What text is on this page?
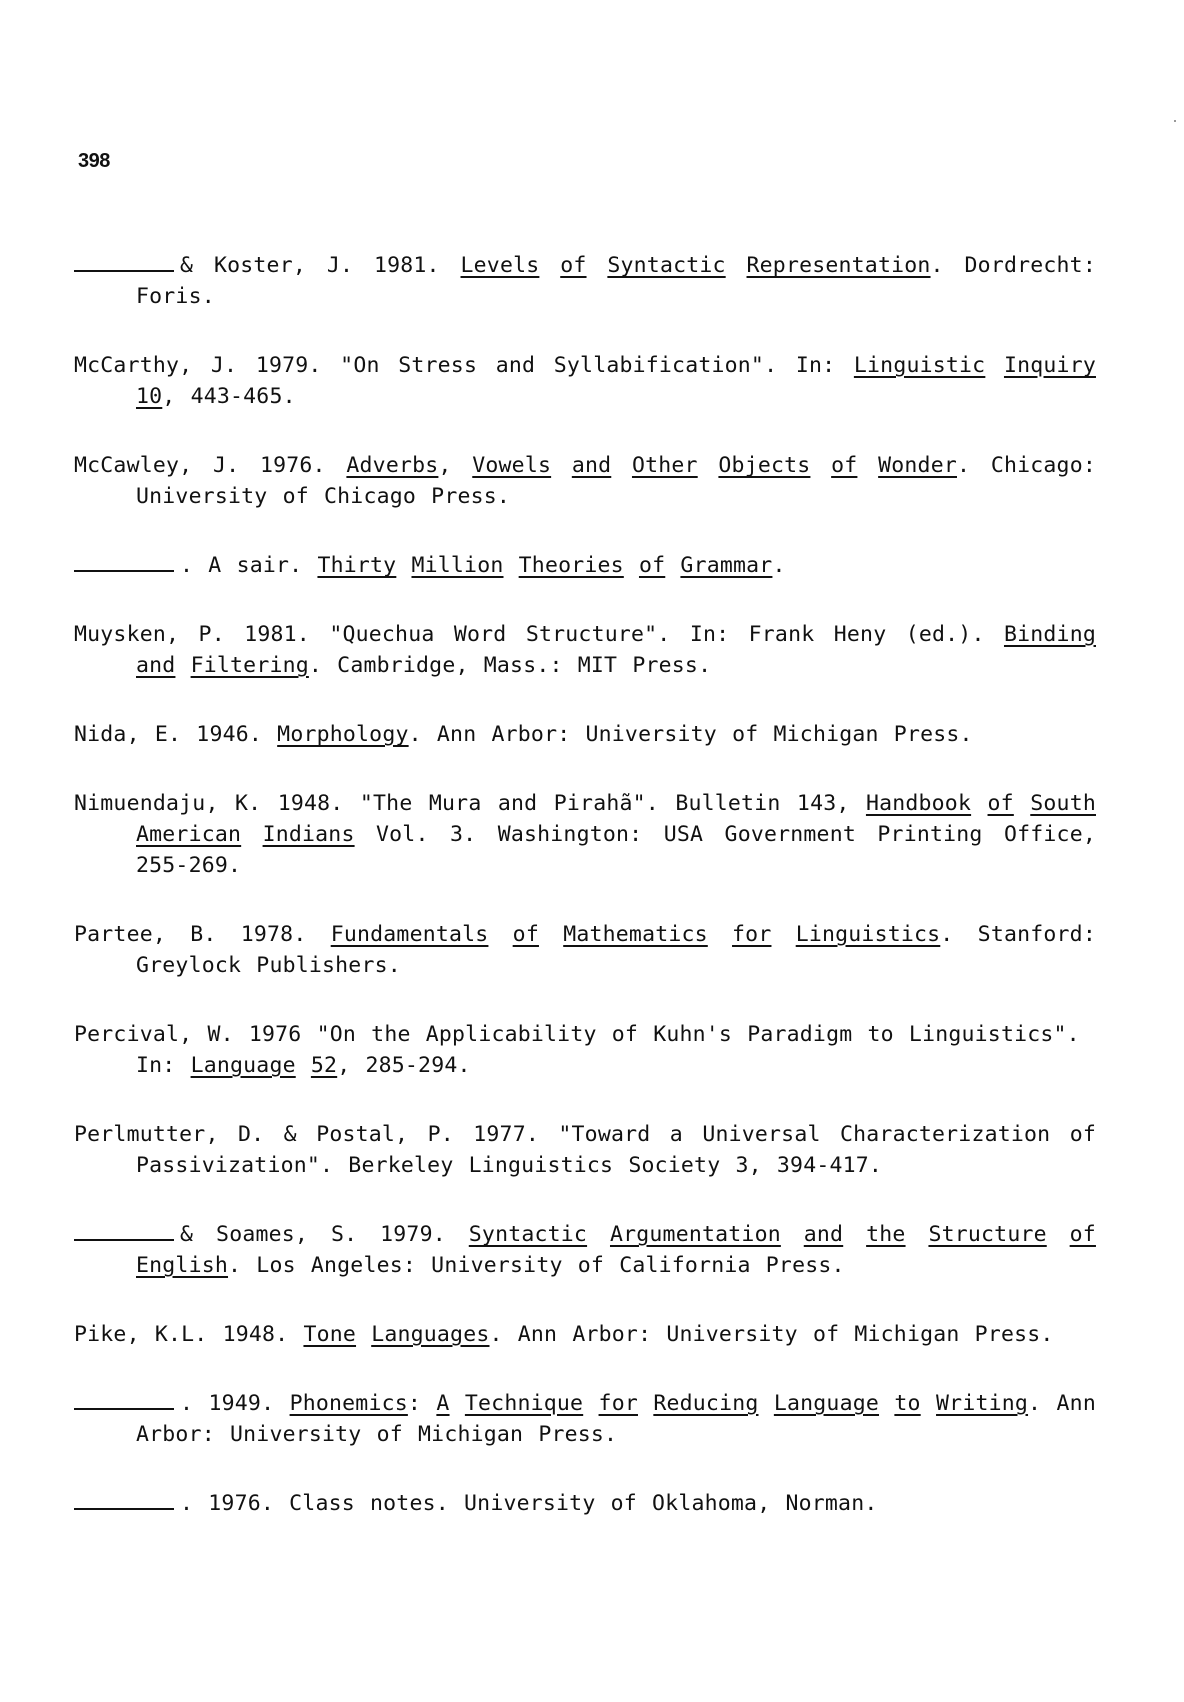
398

& Koster, J. 1981. Levels of Syntactic Representation. Dordrecht: Foris.

McCarthy, J. 1979. "On Stress and Syllabification". In: Linguistic Inquiry 10, 443-465.

McCawley, J. 1976. Adverbs, Vowels and Other Objects of Wonder. Chicago: University of Chicago Press.

. A sair. Thirty Million Theories of Grammar.

Muysken, P. 1981. "Quechua Word Structure". In: Frank Heny (ed.). Binding and Filtering. Cambridge, Mass.: MIT Press.

Nida, E. 1946. Morphology. Ann Arbor: University of Michigan Press.

Nimuendaju, K. 1948. "The Mura and Pirahã". Bulletin 143, Handbook of South American Indians Vol. 3. Washington: USA Government Printing Office, 255-269.

Partee, B. 1978. Fundamentals of Mathematics for Linguistics. Stanford: Greylock Publishers.

Percival, W. 1976 "On the Applicability of Kuhn's Paradigm to Linguistics". In: Language 52, 285-294.

Perlmutter, D. & Postal, P. 1977. "Toward a Universal Characterization of Passivization". Berkeley Linguistics Society 3, 394-417.

& Soames, S. 1979. Syntactic Argumentation and the Structure of English. Los Angeles: University of California Press.

Pike, K.L. 1948. Tone Languages. Ann Arbor: University of Michigan Press.

. 1949. Phonemics: A Technique for Reducing Language to Writing. Ann Arbor: University of Michigan Press.

. 1976. Class notes. University of Oklahoma, Norman.
